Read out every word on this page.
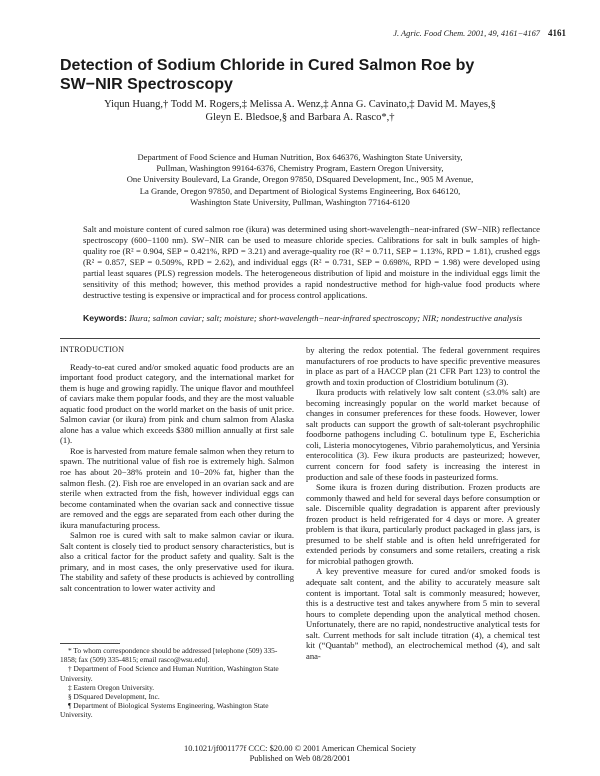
J. Agric. Food Chem. 2001, 49, 4161−4167 4161
Detection of Sodium Chloride in Cured Salmon Roe by SW−NIR Spectroscopy
Yiqun Huang,† Todd M. Rogers,‡ Melissa A. Wenz,‡ Anna G. Cavinato,‡ David M. Mayes,§
Gleyn E. Bledsoe,§ and Barbara A. Rasco*,†
Department of Food Science and Human Nutrition, Box 646376, Washington State University,
Pullman, Washington 99164-6376, Chemistry Program, Eastern Oregon University,
One University Boulevard, La Grande, Oregon 97850, DSquared Development, Inc., 905 M Avenue,
La Grande, Oregon 97850, and Department of Biological Systems Engineering, Box 646120,
Washington State University, Pullman, Washington 77164-6120
Salt and moisture content of cured salmon roe (ikura) was determined using short-wavelength−near-infrared (SW−NIR) reflectance spectroscopy (600−1100 nm). SW−NIR can be used to measure chloride species. Calibrations for salt in bulk samples of high-quality roe (R² = 0.904, SEP = 0.421%, RPD = 3.21) and average-quality roe (R² = 0.711, SEP = 1.13%, RPD = 1.81), crushed eggs (R² = 0.857, SEP = 0.509%, RPD = 2.62), and individual eggs (R² = 0.731, SEP = 0.698%, RPD = 1.98) were developed using partial least squares (PLS) regression models. The heterogeneous distribution of lipid and moisture in the individual eggs limit the sensitivity of this method; however, this method provides a rapid nondestructive method for high-value food products where destructive testing is expensive or impractical and for process control applications.
Keywords: Ikura; salmon caviar; salt; moisture; short-wavelength−near-infrared spectroscopy; NIR; nondestructive analysis

INTRODUCTION

Ready-to-eat cured and/or smoked aquatic food products are an important food product category, and the international market for them is huge and growing rapidly. The unique flavor and mouthfeel of caviars make them popular foods, and they are the most valuable aquatic food product on the world market on the basis of unit price. Salmon caviar (or ikura) from pink and chum salmon from Alaska alone has a value which exceeds $380 million annually at first sale (1).

Roe is harvested from mature female salmon when they return to spawn. The nutritional value of fish roe is extremely high. Salmon roe has about 20−38% protein and 10−20% fat, higher than the salmon flesh. (2). Fish roe are enveloped in an ovarian sack and are sterile when extracted from the fish, however individual eggs can become contaminated when the ovarian sack and connective tissue are removed and the eggs are separated from each other during the ikura manufacturing process.

Salmon roe is cured with salt to make salmon caviar or ikura. Salt content is closely tied to product sensory characteristics, but is also a critical factor for the product safety and quality. Salt is the primary, and in most cases, the only preservative used for ikura. The stability and safety of these products is achieved by controlling salt concentration to lower water activity and

by altering the redox potential. The federal government requires manufacturers of roe products to have specific preventive measures in place as part of a HACCP plan (21 CFR Part 123) to control the growth and toxin production of Clostridium botulinum (3).

Ikura products with relatively low salt content (≤3.0% salt) are becoming increasingly popular on the world market because of changes in consumer preferences for these foods. However, lower salt products can support the growth of salt-tolerant psychrophilic foodborne pathogens including C. botulinum type E, Escherichia coli, Listeria monocytogenes, Vibrio parahemolyticus, and Yersinia enterocolitica (3). Few ikura products are pasteurized; however, current concern for food safety is increasing the interest in production and sale of these foods in pasteurized forms.

Some ikura is frozen during distribution. Frozen products are commonly thawed and held for several days before consumption or sale. Discernible quality degradation is apparent after previously frozen product is held refrigerated for 4 days or more. A greater problem is that ikura, particularly product packaged in glass jars, is presumed to be shelf stable and is often held unrefrigerated for extended periods by consumers and some retailers, creating a risk for microbial pathogen growth.

A key preventive measure for cured and/or smoked foods is adequate salt content, and the ability to accurately measure salt content is important. Total salt is commonly measured; however, this is a destructive test and takes anywhere from 5 min to several hours to complete depending upon the analytical method chosen. Unfortunately, there are no rapid, nondestructive analytical tests for salt. Current methods for salt include titration (4), a chemical test kit (“Quantab” method), an electrochemical method (4), and salt ana-

* To whom correspondence should be addressed [telephone (509) 335-1858; fax (509) 335-4815; email rasco@wsu.edu].
† Department of Food Science and Human Nutrition, Washington State University.
‡ Eastern Oregon University.
§ DSquared Development, Inc.
¶ Department of Biological Systems Engineering, Washington State University.
10.1021/jf001177f CCC: $20.00 © 2001 American Chemical Society
Published on Web 08/28/2001
